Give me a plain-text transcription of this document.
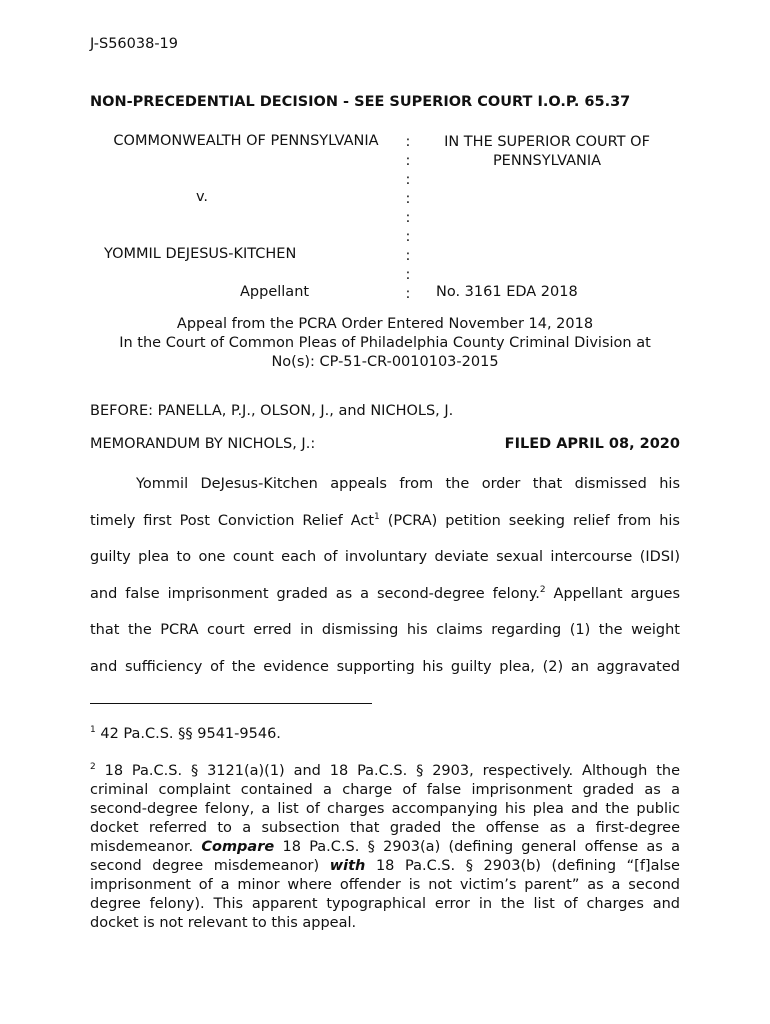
J-S56038-19
NON-PRECEDENTIAL DECISION - SEE SUPERIOR COURT I.O.P. 65.37
COMMONWEALTH OF PENNSYLVANIA
v.
YOMMIL DEJESUS-KITCHEN
Appellant
:
:
:
:
:
:
:
:
:
IN THE SUPERIOR COURT OF
PENNSYLVANIA
No. 3161 EDA 2018
Appeal from the PCRA Order Entered November 14, 2018
In the Court of Common Pleas of Philadelphia County Criminal Division at
No(s): CP-51-CR-0010103-2015
BEFORE: PANELLA, P.J., OLSON, J., and NICHOLS, J.
MEMORANDUM BY NICHOLS, J.:	FILED APRIL 08, 2020
Yommil DeJesus-Kitchen appeals from the order that dismissed his
timely first Post Conviction Relief Act$^1$ (PCRA) petition seeking relief from his
guilty plea to one count each of involuntary deviate sexual intercourse (IDSI)
and false imprisonment graded as a second-degree felony.$^2$ Appellant argues
that the PCRA court erred in dismissing his claims regarding (1) the weight
and sufficiency of the evidence supporting his guilty plea, (2) an aggravated
$^1$ 42 Pa.C.S. §§ 9541-9546.
$^2$ 18 Pa.C.S. § 3121(a)(1) and 18 Pa.C.S. § 2903, respectively. Although the
criminal complaint contained a charge of false imprisonment graded as a
second-degree felony, a list of charges accompanying his plea and the public
docket referred to a subsection that graded the offense as a first-degree
misdemeanor. Compare 18 Pa.C.S. § 2903(a) (defining general offense as a
second degree misdemeanor) with 18 Pa.C.S. § 2903(b) (defining “[f]alse
imprisonment of a minor where offender is not victim’s parent” as a second
degree felony). This apparent typographical error in the list of charges and
docket is not relevant to this appeal.
